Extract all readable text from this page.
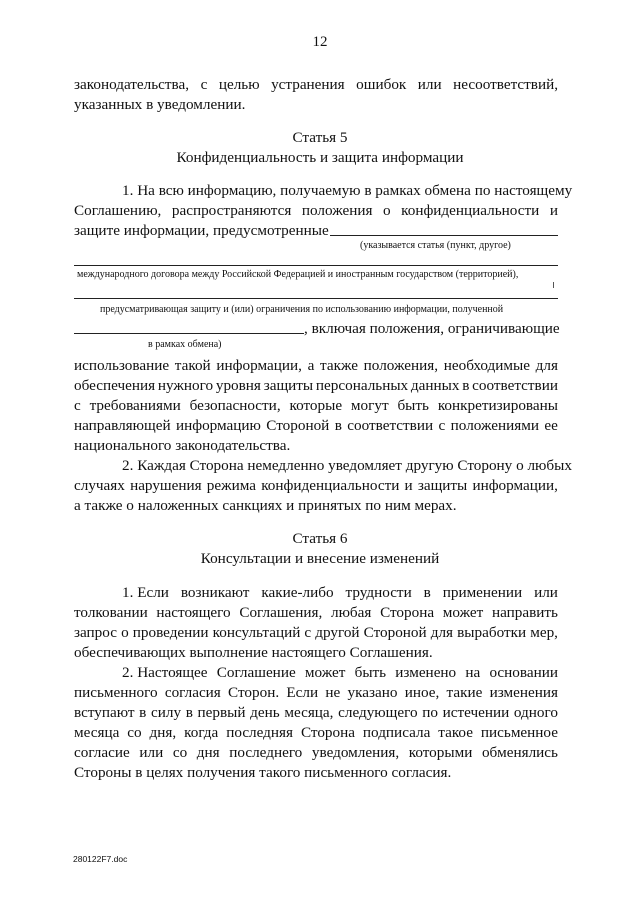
12
законодательства, с целью устранения ошибок или несоответствий,
указанных в уведомлении.
Статья 5
Конфиденциальность и защита информации
1. На всю информацию, получаемую в рамках обмена по настоящему
Соглашению, распространяются положения о конфиденциальности и
защите информации, предусмотренные
(указывается статья (пункт, другое)
международного договора между Российской Федерацией и иностранным государством (территорией),
предусматривающая защиту и (или) ограничения по использованию информации, полученной
, включая положения, ограничивающие
в рамках обмена)
использование такой информации, а также положения, необходимые для
обеспечения нужного уровня защиты персональных данных в соответствии
с требованиями безопасности, которые могут быть конкретизированы
направляющей информацию Стороной в соответствии с положениями ее
национального законодательства.
2. Каждая Сторона немедленно уведомляет другую Сторону о любых
случаях нарушения режима конфиденциальности и защиты информации,
а также о наложенных санкциях и принятых по ним мерах.
Статья 6
Консультации и внесение изменений
1. Если возникают какие-либо трудности в применении или
толковании настоящего Соглашения, любая Сторона может направить
запрос о проведении консультаций с другой Стороной для выработки мер,
обеспечивающих выполнение настоящего Соглашения.
2. Настоящее Соглашение может быть изменено на основании
письменного согласия Сторон. Если не указано иное, такие изменения
вступают в силу в первый день месяца, следующего по истечении одного
месяца со дня, когда последняя Сторона подписала такое письменное
согласие или со дня последнего уведомления, которыми обменялись
Стороны в целях получения такого письменного согласия.
280122F7.doc
